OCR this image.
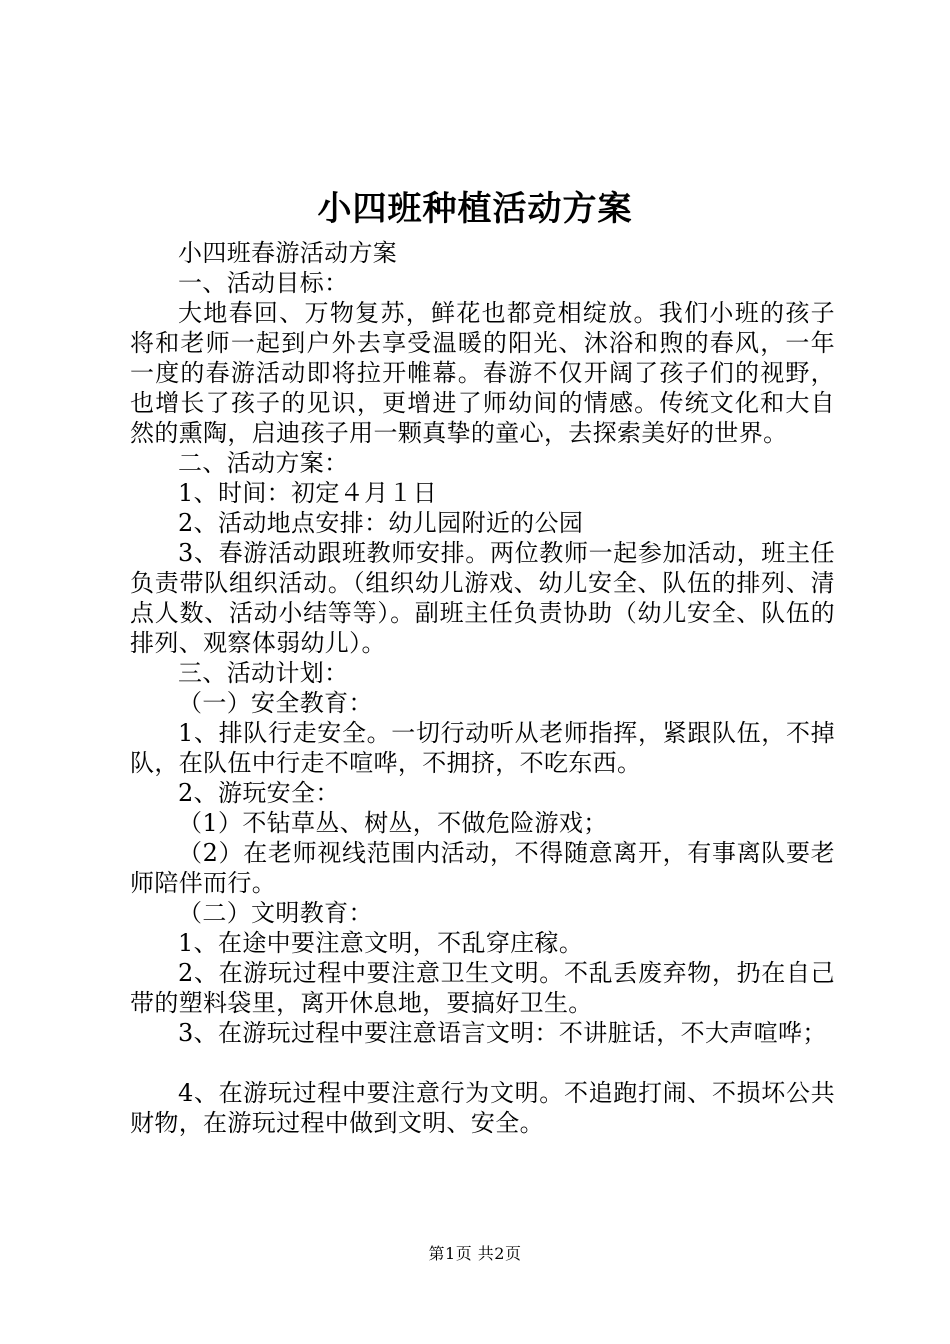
小四班种植活动方案

小四班春游活动方案

一、活动目标：

大地春回、万物复苏，鲜花也都竞相绽放。我们小班的孩子将和老师一起到户外去享受温暖的阳光、沐浴和煦的春风，一年一度的春游活动即将拉开帷幕。春游不仅开阔了孩子们的视野，也增长了孩子的见识，更增进了师幼间的情感。传统文化和大自然的熏陶，启迪孩子用一颗真挚的童心，去探索美好的世界。

二、活动方案：

1、时间：初定４月１日

2、活动地点安排：幼儿园附近的公园

3、春游活动跟班教师安排。两位教师一起参加活动，班主任负责带队组织活动。（组织幼儿游戏、幼儿安全、队伍的排列、清点人数、活动小结等等）。副班主任负责协助（幼儿安全、队伍的排列、观察体弱幼儿）。

三、活动计划：

（一）安全教育：

1、排队行走安全。一切行动听从老师指挥，紧跟队伍，不掉队，在队伍中行走不喧哗，不拥挤，不吃东西。

2、游玩安全：

（1）不钻草丛、树丛，不做危险游戏；

（2）在老师视线范围内活动，不得随意离开，有事离队要老师陪伴而行。

（二）文明教育：

1、在途中要注意文明，不乱穿庄稼。

2、在游玩过程中要注意卫生文明。不乱丢废弃物，扔在自己带的塑料袋里，离开休息地，要搞好卫生。

3、在游玩过程中要注意语言文明：不讲脏话，不大声喧哗；

4、在游玩过程中要注意行为文明。不追跑打闹、不损坏公共财物，在游玩过程中做到文明、安全。

第1页 共2页
